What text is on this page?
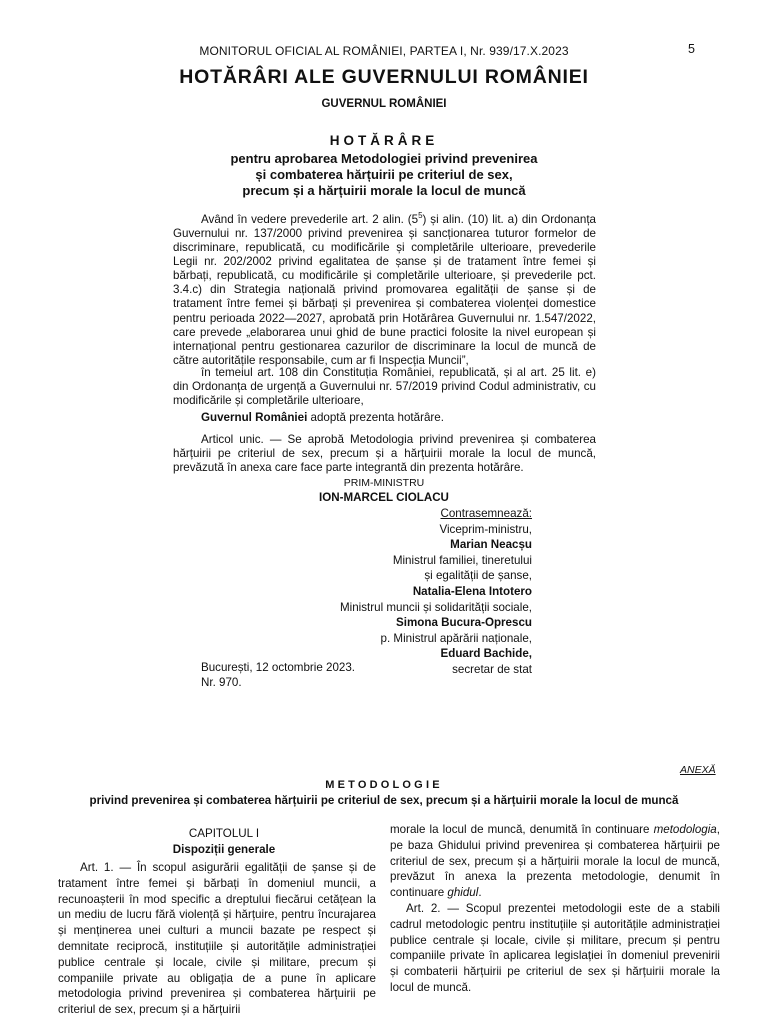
MONITORUL OFICIAL AL ROMÂNIEI, PARTEA I, Nr. 939/17.X.2023	5
HOTĂRÂRI ALE GUVERNULUI ROMÂNIEI
GUVERNUL ROMÂNIEI
HOTĂRÂRE
pentru aprobarea Metodologiei privind prevenirea
și combaterea hărțuirii pe criteriul de sex,
precum și a hărțuirii morale la locul de muncă

Având în vedere prevederile art. 2 alin. $(5^5)$ și alin. (10) lit. a) din Ordonanța Guvernului nr. 137/2000 privind prevenirea și sancționarea tuturor formelor de discriminare, republicată, cu modificările și completările ulterioare, prevederile Legii nr. 202/2002 privind egalitatea de șanse și de tratament între femei și bărbați, republicată, cu modificările și completările ulterioare, și prevederile pct. 3.4.c) din Strategia națională privind promovarea egalității de șanse și de tratament între femei și bărbați și prevenirea și combaterea violenței domestice pentru perioada 2022—2027, aprobată prin Hotărârea Guvernului nr. 1.547/2022, care prevede „elaborarea unui ghid de bune practici folosite la nivel european și internațional pentru gestionarea cazurilor de discriminare la locul de muncă de către autoritățile responsabile, cum ar fi Inspecția Muncii”,

în temeiul art. 108 din Constituția României, republicată, și al art. 25 lit. e) din Ordonanța de urgență a Guvernului nr. 57/2019 privind Codul administrativ, cu modificările și completările ulterioare,
Guvernul României adoptă prezenta hotărâre.
Articol unic. — Se aprobă Metodologia privind prevenirea și combaterea hărțuirii pe criteriul de sex, precum și a hărțuirii morale la locul de muncă, prevăzută în anexa care face parte integrantă din prezenta hotărâre.
PRIM-MINISTRU
ION-MARCEL CIOLACU
Contrasemnează:
Viceprim-ministru,
Marian Neacșu
Ministrul familiei, tineretului
și egalității de șanse,
Natalia-Elena Intotero
Ministrul muncii și solidarității sociale,
Simona Bucura-Oprescu
p. Ministrul apărării naționale,
Eduard Bachide,
secretar de stat
București, 12 octombrie 2023.
Nr. 970.
ANEXĂ
METODOLOGIE
privind prevenirea și combaterea hărțuirii pe criteriul de sex, precum și a hărțuirii morale la locul de muncă
CAPITOLUL I
Dispoziții generale
Art. 1. — În scopul asigurării egalității de șanse și de tratament între femei și bărbați în domeniul muncii, a recunoașterii în mod specific a dreptului fiecărui cetățean la un mediu de lucru fără violență și hărțuire, pentru încurajarea și menținerea unei culturi a muncii bazate pe respect și demnitate reciprocă, instituțiile și autoritățile administrației publice centrale și locale, civile și militare, precum și companiile private au obligația de a pune în aplicare metodologia privind prevenirea și combaterea hărțuirii pe criteriul de sex, precum și a hărțuirii

morale la locul de muncă, denumită în continuare metodologia, pe baza Ghidului privind prevenirea și combaterea hărțuirii pe criteriul de sex, precum și a hărțuirii morale la locul de muncă, prevăzut în anexa la prezenta metodologie, denumit în continuare ghidul.

Art. 2. — Scopul prezentei metodologii este de a stabili cadrul metodologic pentru instituțiile și autoritățile administrației publice centrale și locale, civile și militare, precum și pentru companiile private în aplicarea legislației în domeniul prevenirii și combaterii hărțuirii pe criteriul de sex și hărțuirii morale la locul de muncă.
